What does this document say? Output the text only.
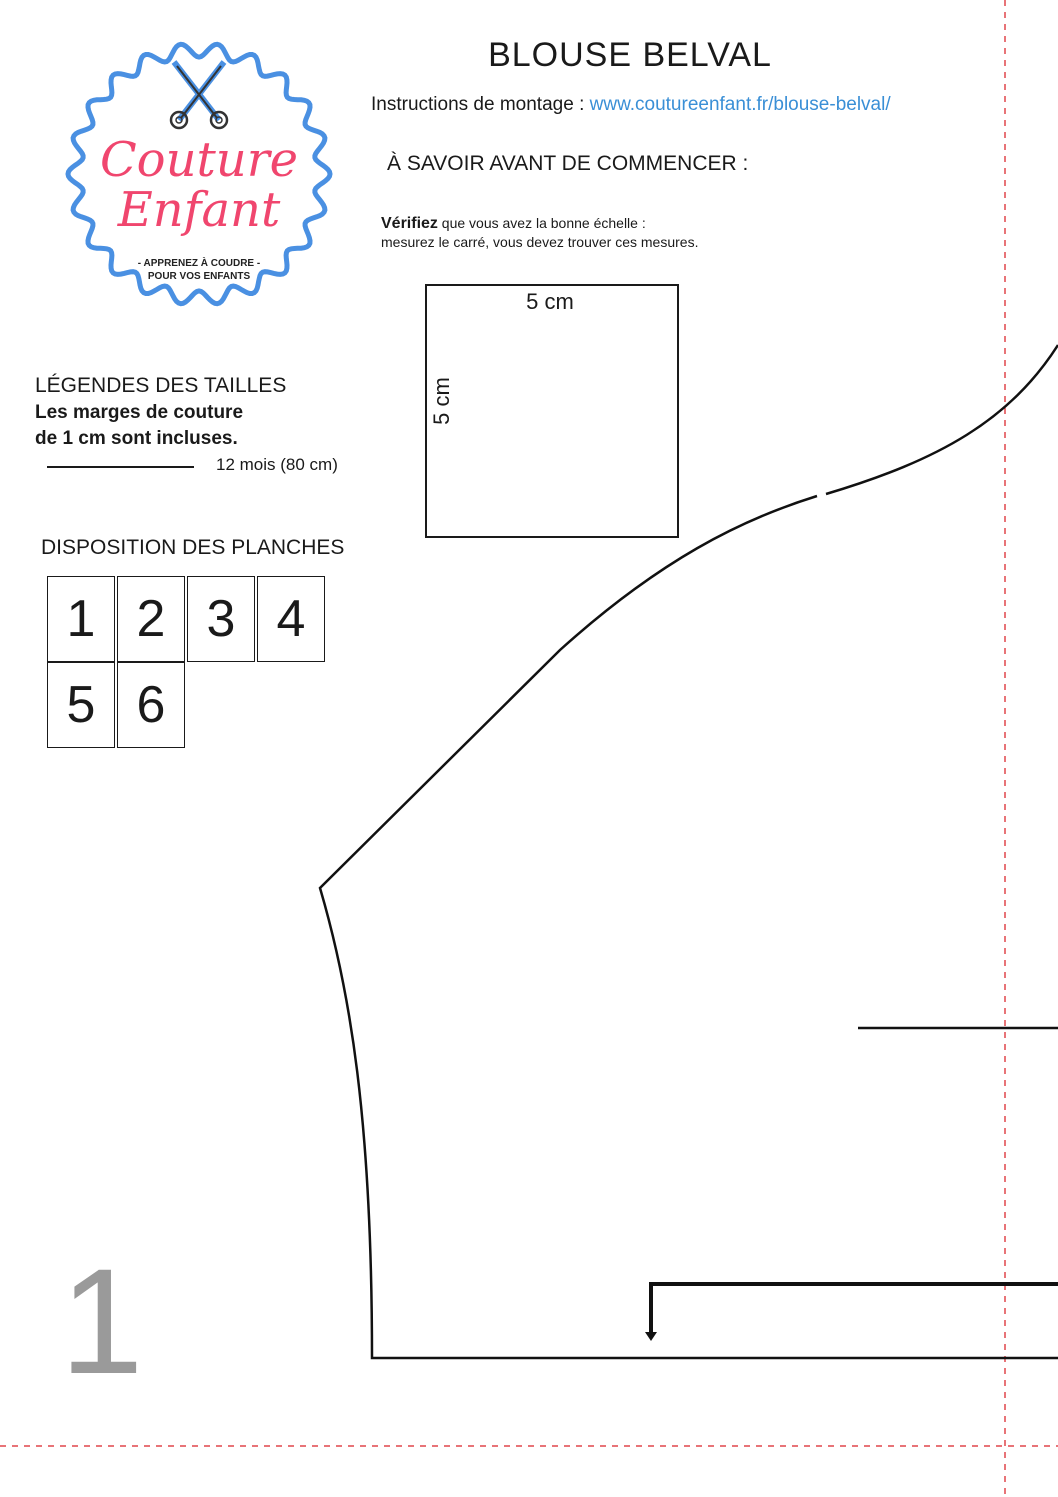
Couture
Enfant
- APPRENEZ À COUDRE -
POUR VOS ENFANTS
BLOUSE BELVAL
Instructions de montage : www.coutureenfant.fr/blouse-belval/
À SAVOIR AVANT DE COMMENCER :
Vérifiez que vous avez la bonne échelle :
mesurez le carré, vous devez trouver ces mesures.
5 cm
5 cm
LÉGENDES DES TAILLES
Les marges de couture
de 1 cm sont incluses.
12 mois (80 cm)
DISPOSITION DES PLANCHES
1 2 3 4
5 6
1
